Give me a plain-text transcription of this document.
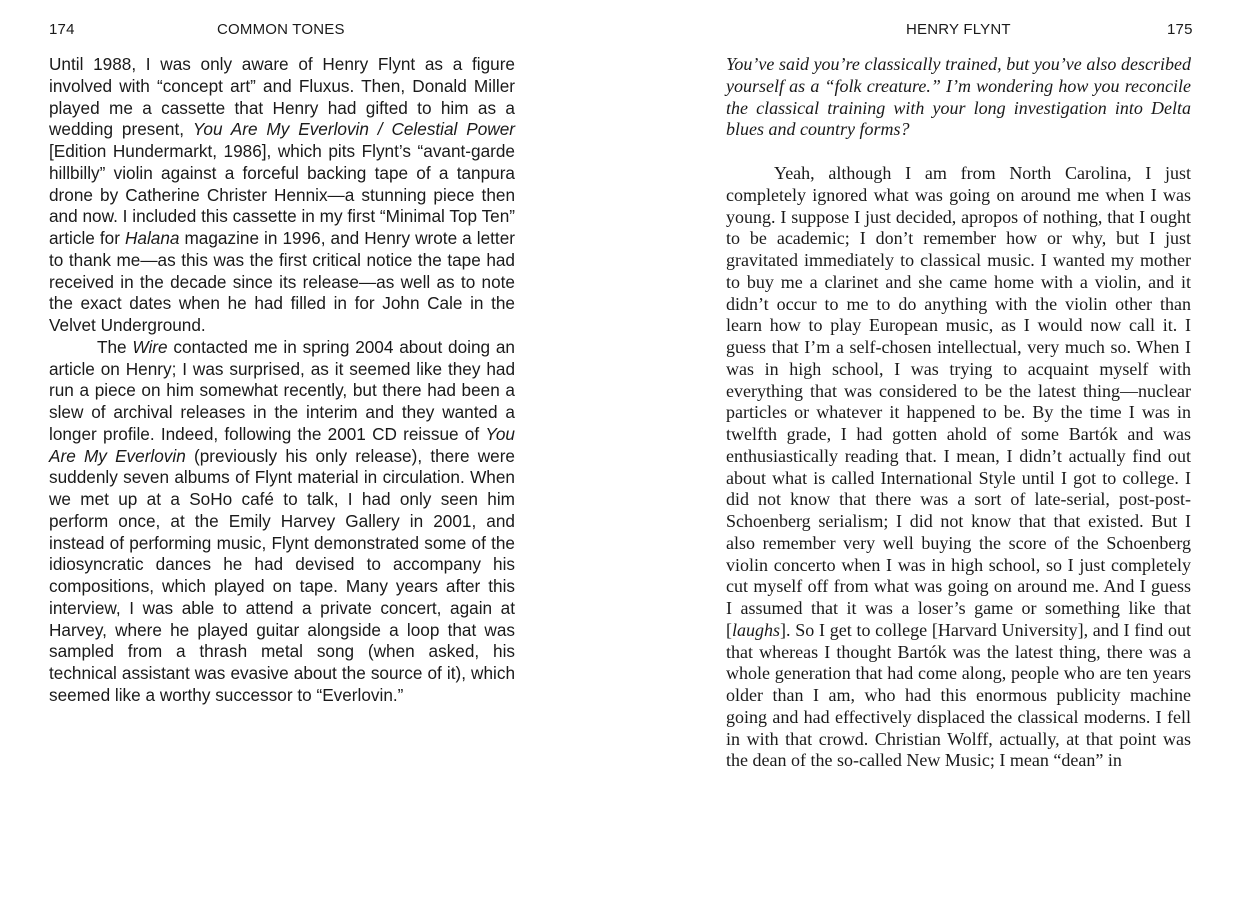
174	COMMON TONES

Until 1988, I was only aware of Henry Flynt as a figure involved with “concept art” and Fluxus. Then, Donald Miller played me a cassette that Henry had gifted to him as a wedding present, You Are My Everlovin / Celestial Power [Edition Hundermarkt, 1986], which pits Flynt’s “avant-garde hillbilly” violin against a forceful backing tape of a tanpura drone by Catherine Christer Hennix—a stunning piece then and now. I included this cassette in my first “Minimal Top Ten” article for Halana magazine in 1996, and Henry wrote a letter to thank me—as this was the first critical notice the tape had received in the decade since its release—as well as to note the exact dates when he had filled in for John Cale in the Velvet Underground.

The Wire contacted me in spring 2004 about doing an article on Henry; I was surprised, as it seemed like they had run a piece on him somewhat recently, but there had been a slew of archival releases in the interim and they wanted a longer profile. Indeed, following the 2001 CD reissue of You Are My Everlovin (previously his only release), there were suddenly seven albums of Flynt material in circulation. When we met up at a SoHo café to talk, I had only seen him perform once, at the Emily Harvey Gallery in 2001, and instead of performing music, Flynt demonstrated some of the idiosyncratic dances he had devised to accompany his compositions, which played on tape. Many years after this interview, I was able to attend a private concert, again at Harvey, where he played guitar alongside a loop that was sampled from a thrash metal song (when asked, his technical assistant was evasive about the source of it), which seemed like a worthy successor to “Everlovin.”

HENRY FLYNT	175

You’ve said you’re classically trained, but you’ve also described yourself as a “folk creature.” I’m wondering how you reconcile the classical training with your long investigation into Delta blues and country forms?

Yeah, although I am from North Carolina, I just completely ignored what was going on around me when I was young. I suppose I just decided, apropos of nothing, that I ought to be academic; I don’t remember how or why, but I just gravitated immediately to classical music. I wanted my mother to buy me a clarinet and she came home with a violin, and it didn’t occur to me to do anything with the violin other than learn how to play European music, as I would now call it. I guess that I’m a self-chosen intellectual, very much so. When I was in high school, I was trying to acquaint myself with everything that was considered to be the latest thing—nuclear particles or whatever it happened to be. By the time I was in twelfth grade, I had gotten ahold of some Bartók and was enthusiastically reading that. I mean, I didn’t actually find out about what is called International Style until I got to college. I did not know that there was a sort of late-serial, post-post-Schoenberg serialism; I did not know that that existed. But I also remember very well buying the score of the Schoenberg violin concerto when I was in high school, so I just completely cut myself off from what was going on around me. And I guess I assumed that it was a loser’s game or something like that [laughs]. So I get to college [Harvard University], and I find out that whereas I thought Bartók was the latest thing, there was a whole generation that had come along, people who are ten years older than I am, who had this enormous publicity machine going and had effectively displaced the classical moderns. I fell in with that crowd. Christian Wolff, actually, at that point was the dean of the so-called New Music; I mean “dean” in
